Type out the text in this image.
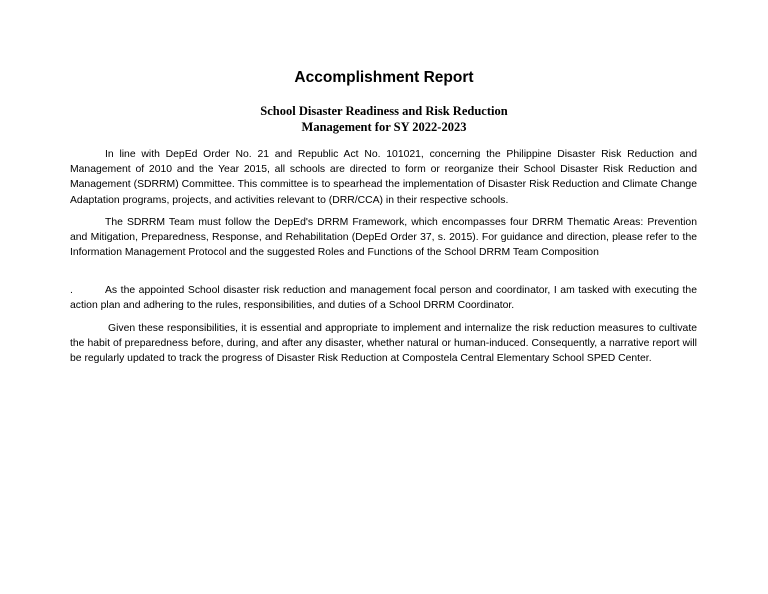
Accomplishment Report
School Disaster Readiness and Risk Reduction
Management for SY 2022-2023

In line with DepEd Order No. 21 and Republic Act No. 101021, concerning the Philippine Disaster Risk Reduction and Management of 2010 and the Year 2015, all schools are directed to form or reorganize their School Disaster Risk Reduction and Management (SDRRM) Committee. This committee is to spearhead the implementation of Disaster Risk Reduction and Climate Change Adaptation programs, projects, and activities relevant to (DRR/CCA) in their respective schools.

The SDRRM Team must follow the DepEd's DRRM Framework, which encompasses four DRRM Thematic Areas: Prevention and Mitigation, Preparedness, Response, and Rehabilitation (DepEd Order 37, s. 2015). For guidance and direction, please refer to the Information Management Protocol and the suggested Roles and Functions of the School DRRM Team Composition

.	As the appointed School disaster risk reduction and management focal person and coordinator, I am tasked with executing the action plan and adhering to the rules, responsibilities, and duties of a School DRRM Coordinator.

Given these responsibilities, it is essential and appropriate to implement and internalize the risk reduction measures to cultivate the habit of preparedness before, during, and after any disaster, whether natural or human-induced. Consequently, a narrative report will be regularly updated to track the progress of Disaster Risk Reduction at Compostela Central Elementary School SPED Center.
